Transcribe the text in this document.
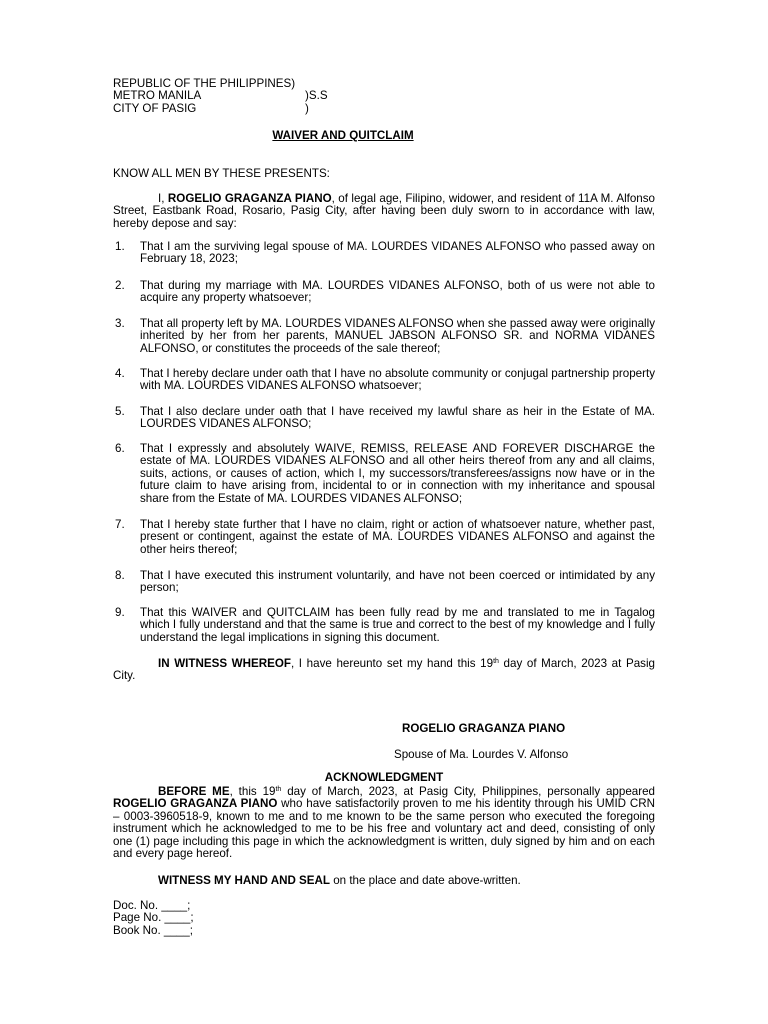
REPUBLIC OF THE PHILIPPINES)
METRO MANILA	)S.S
CITY OF PASIG	)
WAIVER AND QUITCLAIM
KNOW ALL MEN BY THESE PRESENTS:
I, ROGELIO GRAGANZA PIANO, of legal age, Filipino, widower, and resident of 11A M. Alfonso Street, Eastbank Road, Rosario, Pasig City, after having been duly sworn to in accordance with law, hereby depose and say:
1. That I am the surviving legal spouse of MA. LOURDES VIDANES ALFONSO who passed away on February 18, 2023;
2. That during my marriage with MA. LOURDES VIDANES ALFONSO, both of us were not able to acquire any property whatsoever;
3. That all property left by MA. LOURDES VIDANES ALFONSO when she passed away were originally inherited by her from her parents, MANUEL JABSON ALFONSO SR. and NORMA VIDANES ALFONSO, or constitutes the proceeds of the sale thereof;
4. That I hereby declare under oath that I have no absolute community or conjugal partnership property with MA. LOURDES VIDANES ALFONSO whatsoever;
5. That I also declare under oath that I have received my lawful share as heir in the Estate of MA. LOURDES VIDANES ALFONSO;
6. That I expressly and absolutely WAIVE, REMISS, RELEASE AND FOREVER DISCHARGE the estate of MA. LOURDES VIDANES ALFONSO and all other heirs thereof from any and all claims, suits, actions, or causes of action, which I, my successors/transferees/assigns now have or in the future claim to have arising from, incidental to or in connection with my inheritance and spousal share from the Estate of MA. LOURDES VIDANES ALFONSO;
7. That I hereby state further that I have no claim, right or action of whatsoever nature, whether past, present or contingent, against the estate of MA. LOURDES VIDANES ALFONSO and against the other heirs thereof;
8. That I have executed this instrument voluntarily, and have not been coerced or intimidated by any person;
9. That this WAIVER and QUITCLAIM has been fully read by me and translated to me in Tagalog which I fully understand and that the same is true and correct to the best of my knowledge and I fully understand the legal implications in signing this document.
IN WITNESS WHEREOF, I have hereunto set my hand this 19th day of March, 2023 at Pasig City.
ROGELIO GRAGANZA PIANO
Spouse of Ma. Lourdes V. Alfonso
ACKNOWLEDGMENT
BEFORE ME, this 19th day of March, 2023, at Pasig City, Philippines, personally appeared ROGELIO GRAGANZA PIANO who have satisfactorily proven to me his identity through his UMID CRN – 0003-3960518-9, known to me and to me known to be the same person who executed the foregoing instrument which he acknowledged to me to be his free and voluntary act and deed, consisting of only one (1) page including this page in which the acknowledgment is written, duly signed by him and on each and every page hereof.
WITNESS MY HAND AND SEAL on the place and date above-written.
Doc. No. ____;
Page No. ____;
Book No. ____;
